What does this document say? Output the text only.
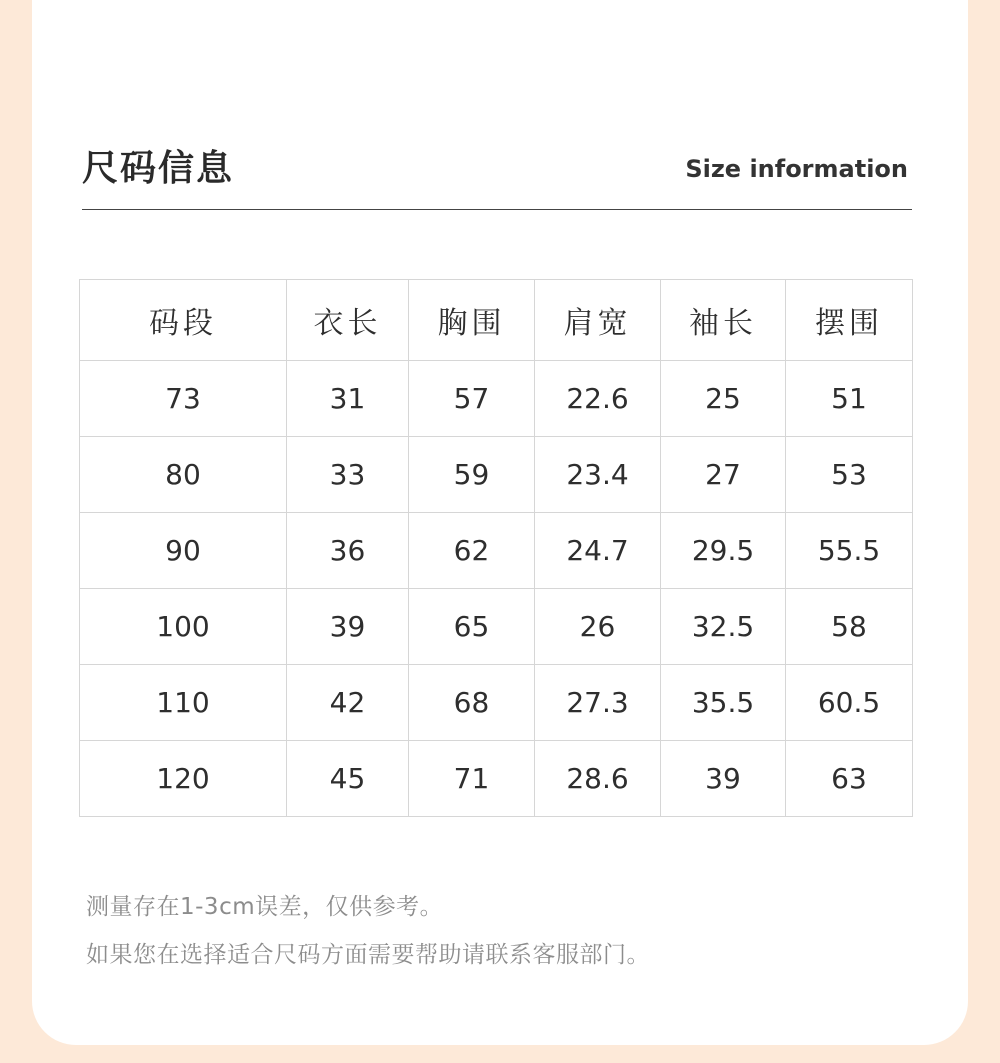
尺码信息	Size information
码段	衣长	胸围	肩宽	袖长	摆围
73	31	57	22.6	25	51
80	33	59	23.4	27	53
90	36	62	24.7	29.5	55.5
100	39	65	26	32.5	58
110	42	68	27.3	35.5	60.5
120	45	71	28.6	39	63
测量存在1-3cm误差，仅供参考。
如果您在选择适合尺码方面需要帮助请联系客服部门。
